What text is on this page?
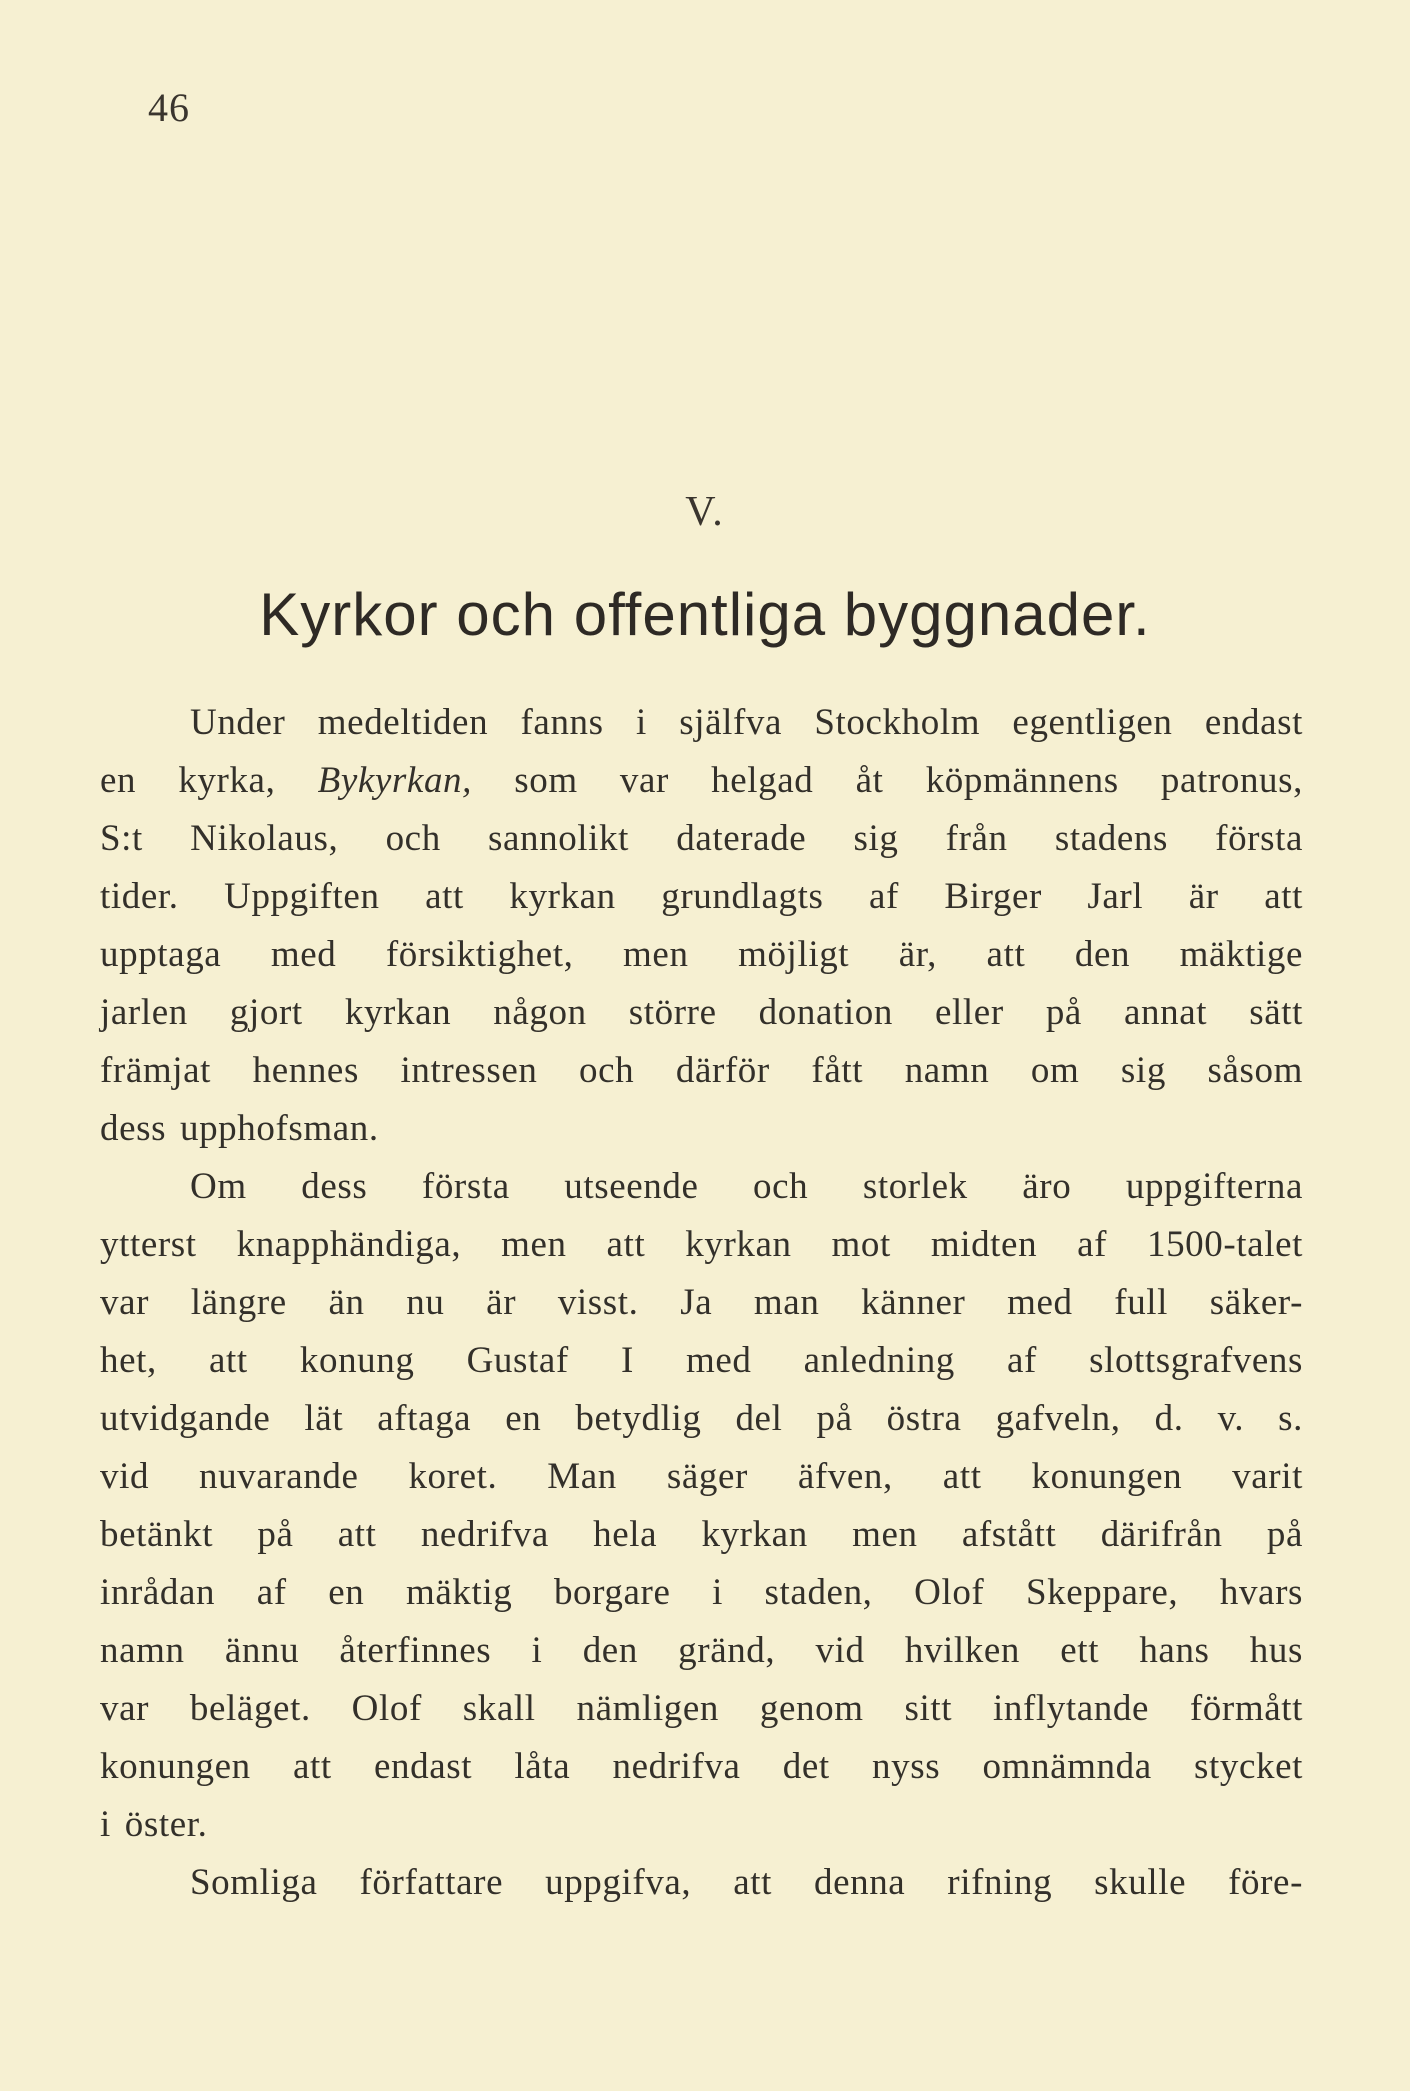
46
V.
Kyrkor och offentliga byggnader.
Under medeltiden fanns i själfva Stockholm egentligen endast
en kyrka, Bykyrkan, som var helgad åt köpmännens patronus,
S:t Nikolaus, och sannolikt daterade sig från stadens första
tider. Uppgiften att kyrkan grundlagts af Birger Jarl är att
upptaga med försiktighet, men möjligt är, att den mäktige
jarlen gjort kyrkan någon större donation eller på annat sätt
främjat hennes intressen och därför fått namn om sig såsom
dess upphofsman.
Om dess första utseende och storlek äro uppgifterna
ytterst knapphändiga, men att kyrkan mot midten af 1500-talet
var längre än nu är visst. Ja man känner med full säker-
het, att konung Gustaf I med anledning af slottsgrafvens
utvidgande lät aftaga en betydlig del på östra gafveln, d. v. s.
vid nuvarande koret. Man säger äfven, att konungen varit
betänkt på att nedrifva hela kyrkan men afstått därifrån på
inrådan af en mäktig borgare i staden, Olof Skeppare, hvars
namn ännu återfinnes i den gränd, vid hvilken ett hans hus
var beläget. Olof skall nämligen genom sitt inflytande förmått
konungen att endast låta nedrifva det nyss omnämnda stycket
i öster.
Somliga författare uppgifva, att denna rifning skulle före-
